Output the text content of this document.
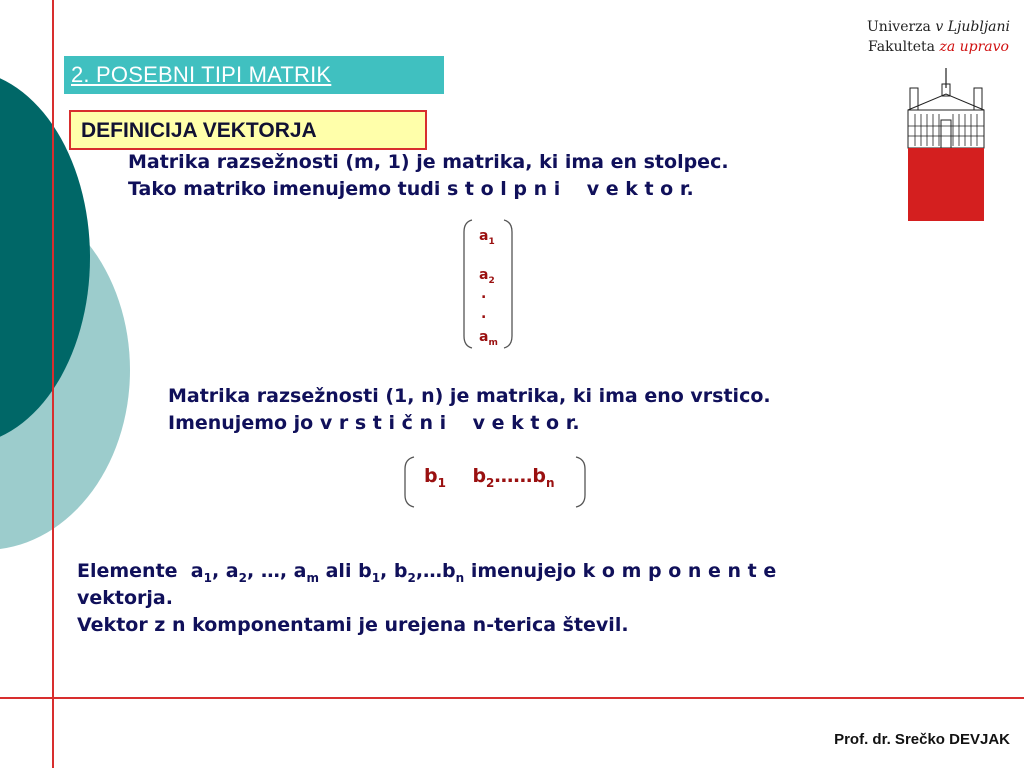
Univerza v Ljubljani
Fakulteta za upravo
2. POSEBNI TIPI MATRIK
DEFINICIJA VEKTORJA
Matrika razsežnosti (m, 1) je matrika, ki ima en stolpec.
Tako matriko imenujemo tudi s t o l p n i    v e k t o r.
$a_1$
$a_2$
.
.
$a_m$
Matrika razsežnosti (1, n) je matrika, ki ima eno vrstico.
Imenujemo jo v r s t i č n i    v e k t o r.
$b_1$ $b_2\dots\dots b_n$
Elemente  $a_1$, $a_2$, …, $a_m$ ali $b_1$, $b_2,\dots b_n$ imenujejo k o m p o n e n t e
vektorja.
Vektor z n komponentami je urejena n-terica števil.
Prof. dr. Srečko DEVJAK
